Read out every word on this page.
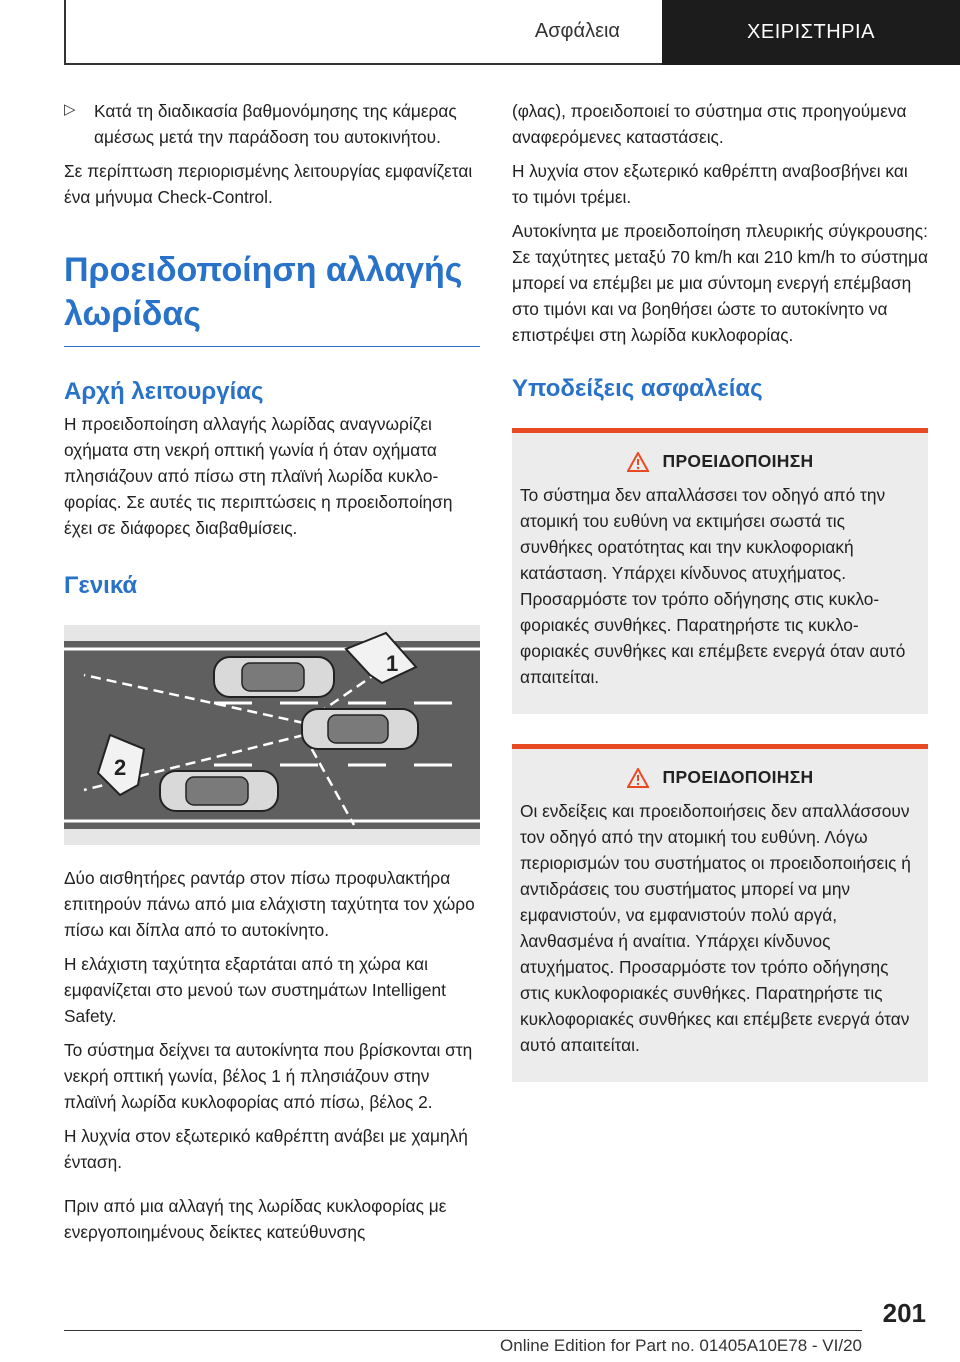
Ασφάλεια	ΧΕΙΡΙΣΤΗΡΙΑ
▷	Κατά τη διαδικασία βαθμονόμησης της κάμερας αμέσως μετά την παράδοση του αυτοκινήτου.

Σε περίπτωση περιορισμένης λειτουργίας εμφανίζεται ένα μήνυμα Check-Control.

Προειδοποίηση αλλαγής λωρίδας
Αρχή λειτουργίας

Η προειδοποίηση αλλαγής λωρίδας αναγνωρίζει οχήματα στη νεκρή οπτική γωνία ή όταν οχήματα πλησιάζουν από πίσω στη πλαϊνή λωρίδα κυκλοφορίας. Σε αυτές τις περιπτώσεις η προειδοποίηση έχει σε διάφορες διαβαθμίσεις.

Γενικά
1
2

Δύο αισθητήρες ραντάρ στον πίσω προφυλακτήρα επιτηρούν πάνω από μια ελάχιστη ταχύτητα τον χώρο πίσω και δίπλα από το αυτοκίνητο.

Η ελάχιστη ταχύτητα εξαρτάται από τη χώρα και εμφανίζεται στο μενού των συστημάτων Intelligent Safety.

Το σύστημα δείχνει τα αυτοκίνητα που βρίσκονται στη νεκρή οπτική γωνία, βέλος 1 ή πλησιάζουν στην πλαϊνή λωρίδα κυκλοφορίας από πίσω, βέλος 2.

Η λυχνία στον εξωτερικό καθρέπτη ανάβει με χαμηλή ένταση.

Πριν από μια αλλαγή της λωρίδας κυκλοφορίας με ενεργοποιημένους δείκτες κατεύθυνσης

(φλας), προειδοποιεί το σύστημα στις προηγούμενα αναφερόμενες καταστάσεις.

Η λυχνία στον εξωτερικό καθρέπτη αναβοσβήνει και το τιμόνι τρέμει.

Αυτοκίνητα με προειδοποίηση πλευρικής σύγκρουσης: Σε ταχύτητες μεταξύ 70 km/h και 210 km/h το σύστημα μπορεί να επέμβει με μια σύντομη ενεργή επέμβαση στο τιμόνι και να βοηθήσει ώστε το αυτοκίνητο να επιστρέψει στη λωρίδα κυκλοφορίας.

Υποδείξεις ασφαλείας
ΠΡΟΕΙΔΟΠΟΙΗΣΗ

Το σύστημα δεν απαλλάσσει τον οδηγό από την ατομική του ευθύνη να εκτιμήσει σωστά τις συνθήκες ορατότητας και την κυκλοφοριακή κατάσταση. Υπάρχει κίνδυνος ατυχήματος. Προσαρμόστε τον τρόπο οδήγησης στις κυκλοφοριακές συνθήκες. Παρατηρήστε τις κυκλοφοριακές συνθήκες και επέμβετε ενεργά όταν αυτό απαιτείται.

ΠΡΟΕΙΔΟΠΟΙΗΣΗ

Οι ενδείξεις και προειδοποιήσεις δεν απαλλάσσουν τον οδηγό από την ατομική του ευθύνη. Λόγω περιορισμών του συστήματος οι προειδοποιήσεις ή αντιδράσεις του συστήματος μπορεί να μην εμφανιστούν, να εμφανιστούν πολύ αργά, λανθασμένα ή αναίτια. Υπάρχει κίνδυνος ατυχήματος. Προσαρμόστε τον τρόπο οδήγησης στις κυκλοφοριακές συνθήκες. Παρατηρήστε τις κυκλοφοριακές συνθήκες και επέμβετε ενεργά όταν αυτό απαιτείται.

201
Online Edition for Part no. 01405A10E78 - VI/20
